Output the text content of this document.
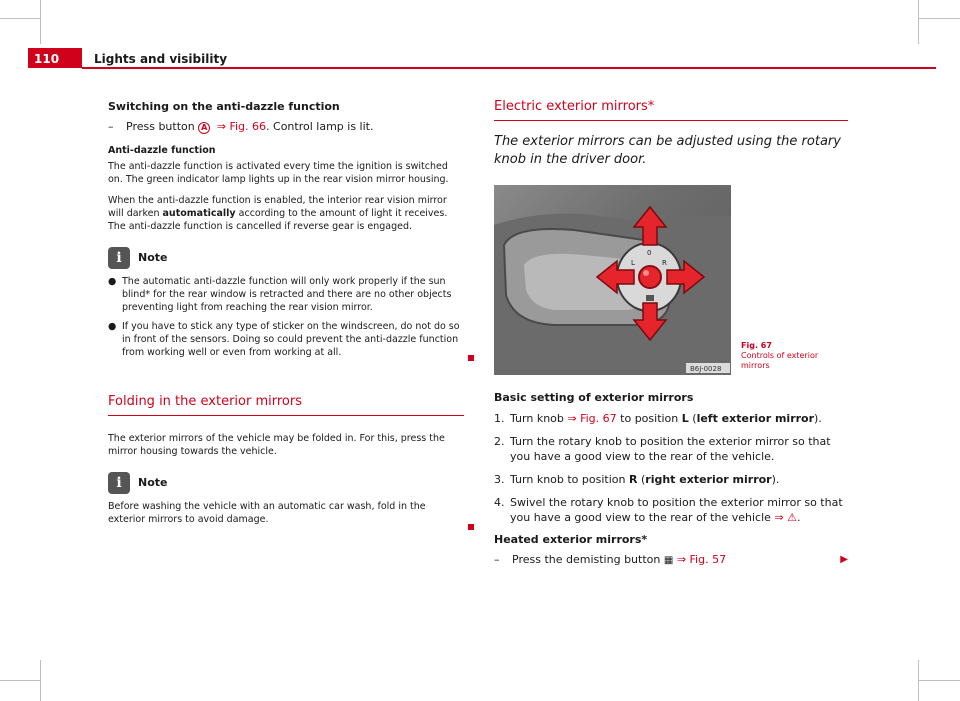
110	Lights and visibility
Switching on the anti-dazzle function
–	Press button A ⇒ Fig. 66. Control lamp is lit.
Anti-dazzle function
The anti-dazzle function is activated every time the ignition is switched on. The green indicator lamp lights up in the rear vision mirror housing.
When the anti-dazzle function is enabled, the interior rear vision mirror will darken automatically according to the amount of light it receives. The anti-dazzle function is cancelled if reverse gear is engaged.
i	Note
● The automatic anti-dazzle function will only work properly if the sun blind* for the rear window is retracted and there are no other objects preventing light from reaching the rear vision mirror.
● If you have to stick any type of sticker on the windscreen, do not do so in front of the sensors. Doing so could prevent the anti-dazzle function from working well or even from working at all.
Folding in the exterior mirrors
The exterior mirrors of the vehicle may be folded in. For this, press the mirror housing towards the vehicle.
i	Note
Before washing the vehicle with an automatic car wash, fold in the exterior mirrors to avoid damage.
Electric exterior mirrors*
The exterior mirrors can be adjusted using the rotary knob in the driver door.
L
0
R
B6J-0028
Fig. 67
Controls of exterior mirrors
Basic setting of exterior mirrors
1. Turn knob ⇒ Fig. 67 to position L (left exterior mirror).
2. Turn the rotary knob to position the exterior mirror so that you have a good view to the rear of the vehicle.
3. Turn knob to position R (right exterior mirror).
4. Swivel the rotary knob to position the exterior mirror so that you have a good view to the rear of the vehicle ⇒ ⚠.
Heated exterior mirrors*
–	Press the demisting button ▦ ⇒ Fig. 57	▶
